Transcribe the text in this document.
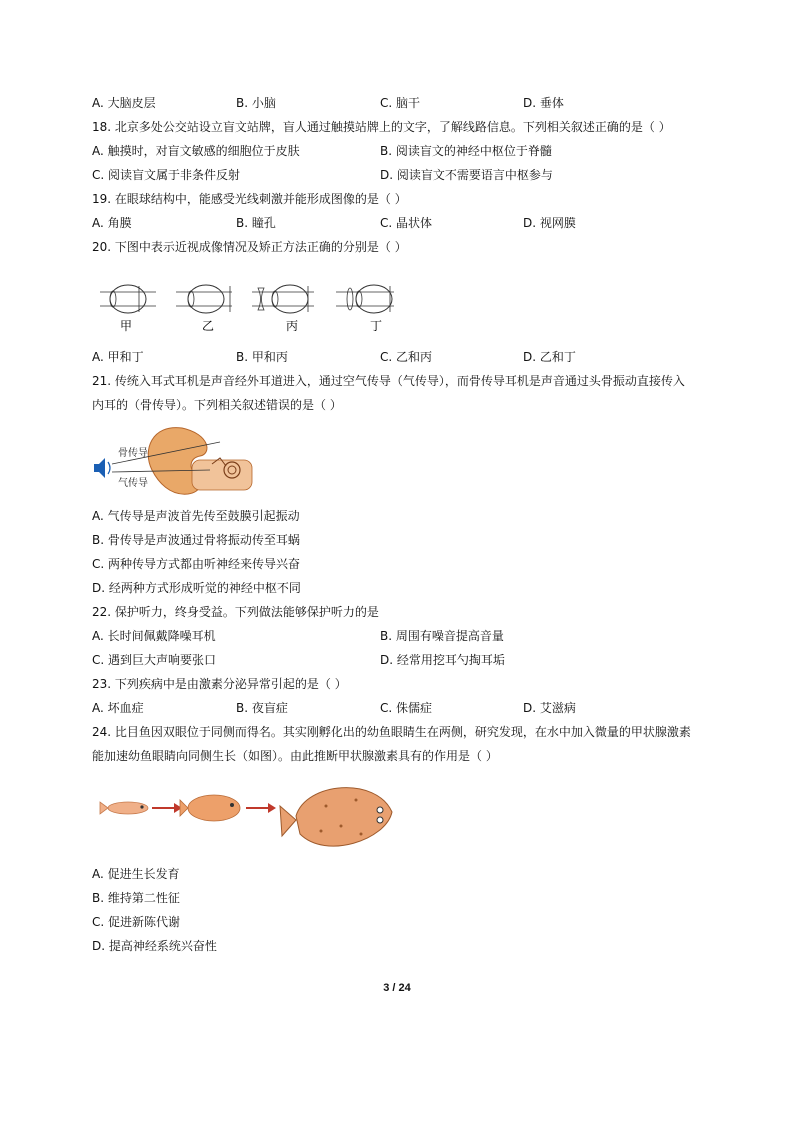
A. 大脑皮层	B. 小脑	C. 脑干	D. 垂体
18. 北京多处公交站设立盲文站牌，盲人通过触摸站牌上的文字，了解线路信息。下列相关叙述正确的是（ ）
A. 触摸时，对盲文敏感的细胞位于皮肤	B. 阅读盲文的神经中枢位于脊髓
C. 阅读盲文属于非条件反射	D. 阅读盲文不需要语言中枢参与
19. 在眼球结构中，能感受光线刺激并能形成图像的是（ ）
A. 角膜	B. 瞳孔	C. 晶状体	D. 视网膜
20. 下图中表示近视成像情况及矫正方法正确的分别是（ ）
甲	乙	丙	丁
A. 甲和丁	B. 甲和丙	C. 乙和丙	D. 乙和丁
21. 传统入耳式耳机是声音经外耳道进入，通过空气传导（气传导），而骨传导耳机是声音通过头骨振动直接传入
内耳的（骨传导）。下列相关叙述错误的是（ ）
骨传导
气传导
A. 气传导是声波首先传至鼓膜引起振动
B. 骨传导是声波通过骨将振动传至耳蜗
C. 两种传导方式都由听神经来传导兴奋
D. 经两种方式形成听觉的神经中枢不同
22. 保护听力，终身受益。下列做法能够保护听力的是
A. 长时间佩戴降噪耳机	B. 周围有噪音提高音量
C. 遇到巨大声响要张口	D. 经常用挖耳勺掏耳垢
23. 下列疾病中是由激素分泌异常引起的是（ ）
A. 坏血症	B. 夜盲症	C. 侏儒症	D. 艾滋病
24. 比目鱼因双眼位于同侧而得名。其实刚孵化出的幼鱼眼睛生在两侧，研究发现，在水中加入微量的甲状腺激素
能加速幼鱼眼睛向同侧生长（如图）。由此推断甲状腺激素具有的作用是（ ）
A. 促进生长发育
B. 维持第二性征
C. 促进新陈代谢
D. 提高神经系统兴奋性
3 / 24
